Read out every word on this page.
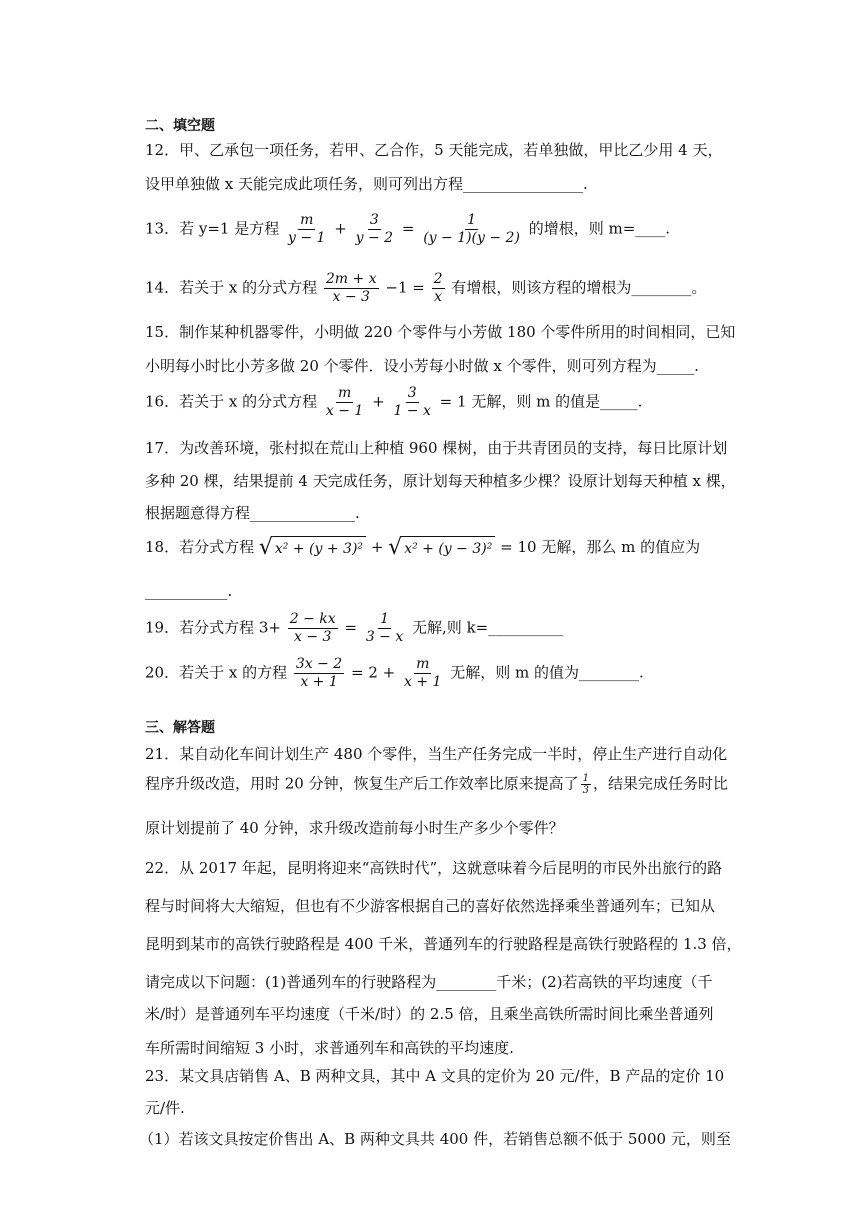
二、填空题
12．甲、乙承包一项任务，若甲、乙合作，5 天能完成，若单独做，甲比乙少用 4 天，
设甲单独做 x 天能完成此项任务，则可列出方程________________.
13．若 y=1 是方程 $\frac{m}{y - 1} + \frac{3}{y - 2} = \frac{1}{(y - 1)(y - 2)}$ 的增根，则 m=____.
14．若关于 x 的分式方程 $\frac{2m + x}{x - 3} -1 = \frac{2}{x}$ 有增根，则该方程的增根为________。
15．制作某种机器零件，小明做 220 个零件与小芳做 180 个零件所用的时间相同，已知
小明每小时比小芳多做 20 个零件．设小芳每小时做 x 个零件，则可列方程为_____.
16．若关于 x 的分式方程 $\frac{m}{x - 1} + \frac{3}{1 - x} = 1$ 无解，则 m 的值是_____.
17．为改善环境，张村拟在荒山上种植 960 棵树，由于共青团员的支持，每日比原计划
多种 20 棵，结果提前 4 天完成任务，原计划每天种植多少棵？设原计划每天种植 x 棵，
根据题意得方程______________.
18．若分式方程 √ x² + (y + 3)² + √ x² + (y − 3)² = 10 无解，那么 m 的值应为
___________.
19．若分式方程 $3+ \frac{2 - kx}{x - 3} = \frac{1}{3 - x}$ 无解,则 k=__________
20．若关于 x 的方程 $\frac{3x - 2}{x + 1} = 2 + \frac{m}{x + 1}$ 无解，则 m 的值为________.
三、解答题
21．某自动化车间计划生产 480 个零件，当生产任务完成一半时，停止生产进行自动化
程序升级改造，用时 20 分钟，恢复生产后工作效率比原来提高了 $\frac{1}{3}$ ，结果完成任务时比
原计划提前了 40 分钟，求升级改造前每小时生产多少个零件？
22．从 2017 年起，昆明将迎来“高铁时代”，这就意味着今后昆明的市民外出旅行的路
程与时间将大大缩短，但也有不少游客根据自己的喜好依然选择乘坐普通列车；已知从
昆明到某市的高铁行驶路程是 400 千米，普通列车的行驶路程是高铁行驶路程的 1.3 倍，
请完成以下问题：(1)普通列车的行驶路程为________千米；(2)若高铁的平均速度（千
米/时）是普通列车平均速度（千米/时）的 2.5 倍，且乘坐高铁所需时间比乘坐普通列
车所需时间缩短 3 小时，求普通列车和高铁的平均速度.
23．某文具店销售 A、B 两种文具，其中 A 文具的定价为 20 元/件，B 产品的定价 10
元/件.
（1）若该文具按定价售出 A、B 两种文具共 400 件，若销售总额不低于 5000 元，则至
